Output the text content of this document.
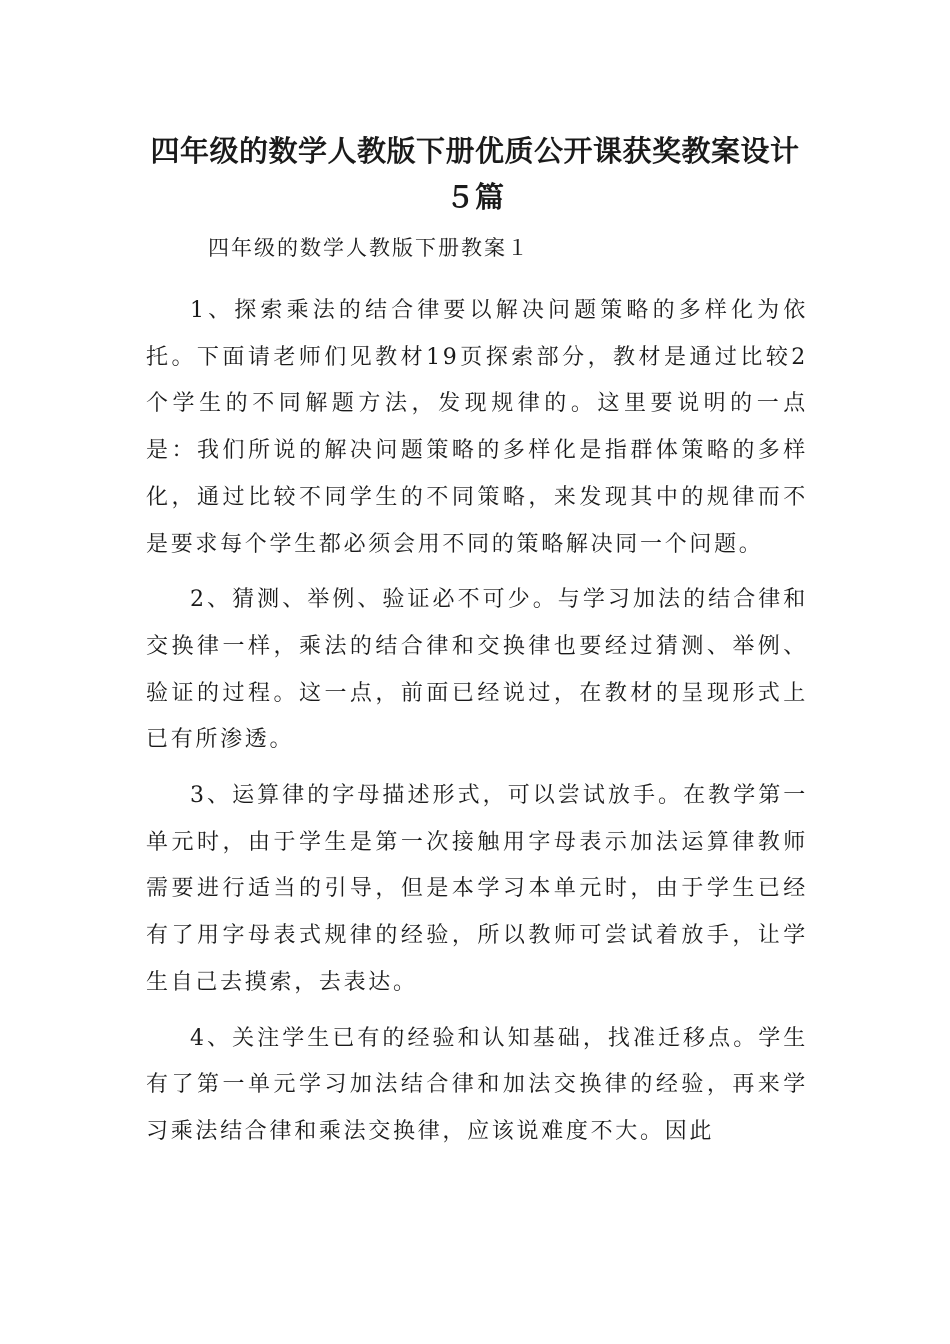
四年级的数学人教版下册优质公开课获奖教案设计５篇

四年级的数学人教版下册教案１

1、探索乘法的结合律要以解决问题策略的多样化为依托。下面请老师们见教材19页探索部分，教材是通过比较2个学生的不同解题方法，发现规律的。这里要说明的一点是：我们所说的解决问题策略的多样化是指群体策略的多样化，通过比较不同学生的不同策略，来发现其中的规律而不是要求每个学生都必须会用不同的策略解决同一个问题。

2、猜测、举例、验证必不可少。与学习加法的结合律和交换律一样，乘法的结合律和交换律也要经过猜测、举例、验证的过程。这一点，前面已经说过，在教材的呈现形式上已有所渗透。

3、运算律的字母描述形式，可以尝试放手。在教学第一单元时，由于学生是第一次接触用字母表示加法运算律教师需要进行适当的引导，但是本学习本单元时，由于学生已经有了用字母表式规律的经验，所以教师可尝试着放手，让学生自己去摸索，去表达。

4、关注学生已有的经验和认知基础，找准迁移点。学生有了第一单元学习加法结合律和加法交换律的经验，再来学习乘法结合律和乘法交换律，应该说难度不大。因此
